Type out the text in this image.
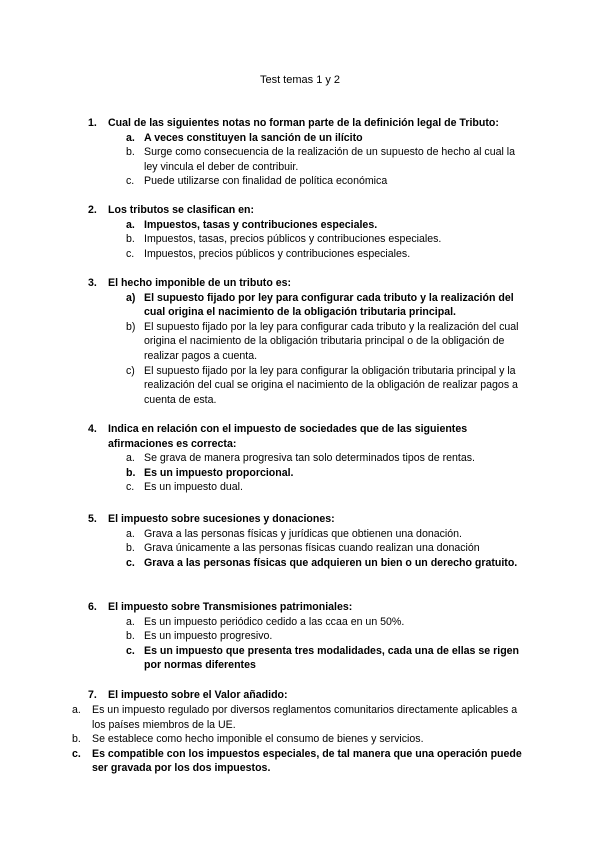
Test temas 1 y 2
1. Cual de las siguientes notas no forman parte de la definición legal de Tributo:
a. A veces constituyen la sanción de un ilícito
b. Surge como consecuencia de la realización de un supuesto de hecho al cual la ley vincula el deber de contribuir.
c. Puede utilizarse con finalidad de política económica
2. Los tributos se clasifican en:
a. Impuestos, tasas y contribuciones especiales.
b. Impuestos, tasas, precios públicos y contribuciones especiales.
c. Impuestos, precios públicos y contribuciones especiales.
3. El hecho imponible de un tributo es:
a) El supuesto fijado por ley para configurar cada tributo y la realización del cual origina el nacimiento de la obligación tributaria principal.
b) El supuesto fijado por la ley para configurar cada tributo y la realización del cual origina el nacimiento de la obligación tributaria principal o de la obligación de realizar pagos a cuenta.
c) El supuesto fijado por la ley para configurar la obligación tributaria principal y la realización del cual se origina el nacimiento de la obligación de realizar pagos a cuenta de esta.
4. Indica en relación con el impuesto de sociedades que de las siguientes afirmaciones es correcta:
a. Se grava de manera progresiva tan solo determinados tipos de rentas.
b. Es un impuesto proporcional.
c. Es un impuesto dual.
5. El impuesto sobre sucesiones y donaciones:
a. Grava a las personas físicas y jurídicas que obtienen una donación.
b. Grava únicamente a las personas físicas cuando realizan una donación
c. Grava a las personas físicas que adquieren un bien o un derecho gratuito.
6. El impuesto sobre Transmisiones patrimoniales:
a. Es un impuesto periódico cedido a las ccaa en un 50%.
b. Es un impuesto progresivo.
c. Es un impuesto que presenta tres modalidades, cada una de ellas se rigen por normas diferentes
7. El impuesto sobre el Valor añadido:
a. Es un impuesto regulado por diversos reglamentos comunitarios directamente aplicables a los países miembros de la UE.
b. Se establece como hecho imponible el consumo de bienes y servicios.
c. Es compatible con los impuestos especiales, de tal manera que una operación puede ser gravada por los dos impuestos.
